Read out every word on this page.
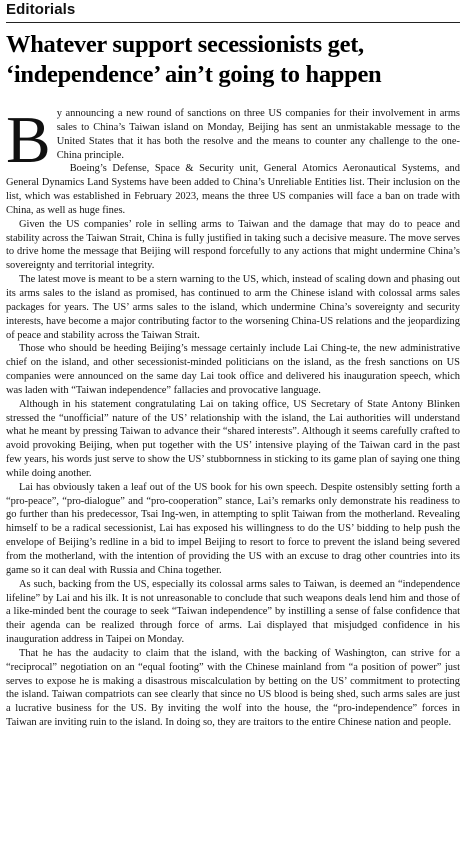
Editorials
Whatever support secessionists get, ‘independence’ ain’t going to happen

By announcing a new round of sanctions on three US companies for their involvement in arms sales to China’s Taiwan island on Monday, Beijing has sent an unmistakable message to the United States that it has both the resolve and the means to counter any challenge to the one-China principle.

Boeing’s Defense, Space & Security unit, General Atomics Aeronautical Systems, and General Dynamics Land Systems have been added to China’s Unreliable Entities list. Their inclusion on the list, which was established in February 2023, means the three US companies will face a ban on trade with China, as well as huge fines.

Given the US companies’ role in selling arms to Taiwan and the damage that may do to peace and stability across the Taiwan Strait, China is fully justified in taking such a decisive measure. The move serves to drive home the message that Beijing will respond forcefully to any actions that might undermine China’s sovereignty and territorial integrity.

The latest move is meant to be a stern warning to the US, which, instead of scaling down and phasing out its arms sales to the island as promised, has continued to arm the Chinese island with colossal arms sales packages for years. The US’ arms sales to the island, which undermine China’s sovereignty and security interests, have become a major contributing factor to the worsening China-US relations and the jeopardizing of peace and stability across the Taiwan Strait.

Those who should be heeding Beijing’s message certainly include Lai Ching-te, the new administrative chief on the island, and other secessionist-minded politicians on the island, as the fresh sanctions on US companies were announced on the same day Lai took office and delivered his inauguration speech, which was laden with “Taiwan independence” fallacies and provocative language.

Although in his statement congratulating Lai on taking office, US Secretary of State Antony Blinken stressed the “unofficial” nature of the US’ relationship with the island, the Lai authorities will understand what he meant by pressing Taiwan to advance their “shared interests”. Although it seems carefully crafted to avoid provoking Beijing, when put together with the US’ intensive playing of the Taiwan card in the past few years, his words just serve to show the US’ stubbornness in sticking to its game plan of saying one thing while doing another.

Lai has obviously taken a leaf out of the US book for his own speech. Despite ostensibly setting forth a “pro-peace”, “pro-dialogue” and “pro-cooperation” stance, Lai’s remarks only demonstrate his readiness to go further than his predecessor, Tsai Ing-wen, in attempting to split Taiwan from the motherland. Revealing himself to be a radical secessionist, Lai has exposed his willingness to do the US’ bidding to help push the envelope of Beijing’s redline in a bid to impel Beijing to resort to force to prevent the island being severed from the motherland, with the intention of providing the US with an excuse to drag other countries into its game so it can deal with Russia and China together.

As such, backing from the US, especially its colossal arms sales to Taiwan, is deemed an “independence lifeline” by Lai and his ilk. It is not unreasonable to conclude that such weapons deals lend him and those of a like-minded bent the courage to seek “Taiwan independence” by instilling a sense of false confidence that their agenda can be realized through force of arms. Lai displayed that misjudged confidence in his inauguration address in Taipei on Monday.

That he has the audacity to claim that the island, with the backing of Washington, can strive for a “reciprocal” negotiation on an “equal footing” with the Chinese mainland from “a position of power” just serves to expose he is making a disastrous miscalculation by betting on the US’ commitment to protecting the island. Taiwan compatriots can see clearly that since no US blood is being shed, such arms sales are just a lucrative business for the US. By inviting the wolf into the house, the “pro-independence” forces in Taiwan are inviting ruin to the island. In doing so, they are traitors to the entire Chinese nation and people.
